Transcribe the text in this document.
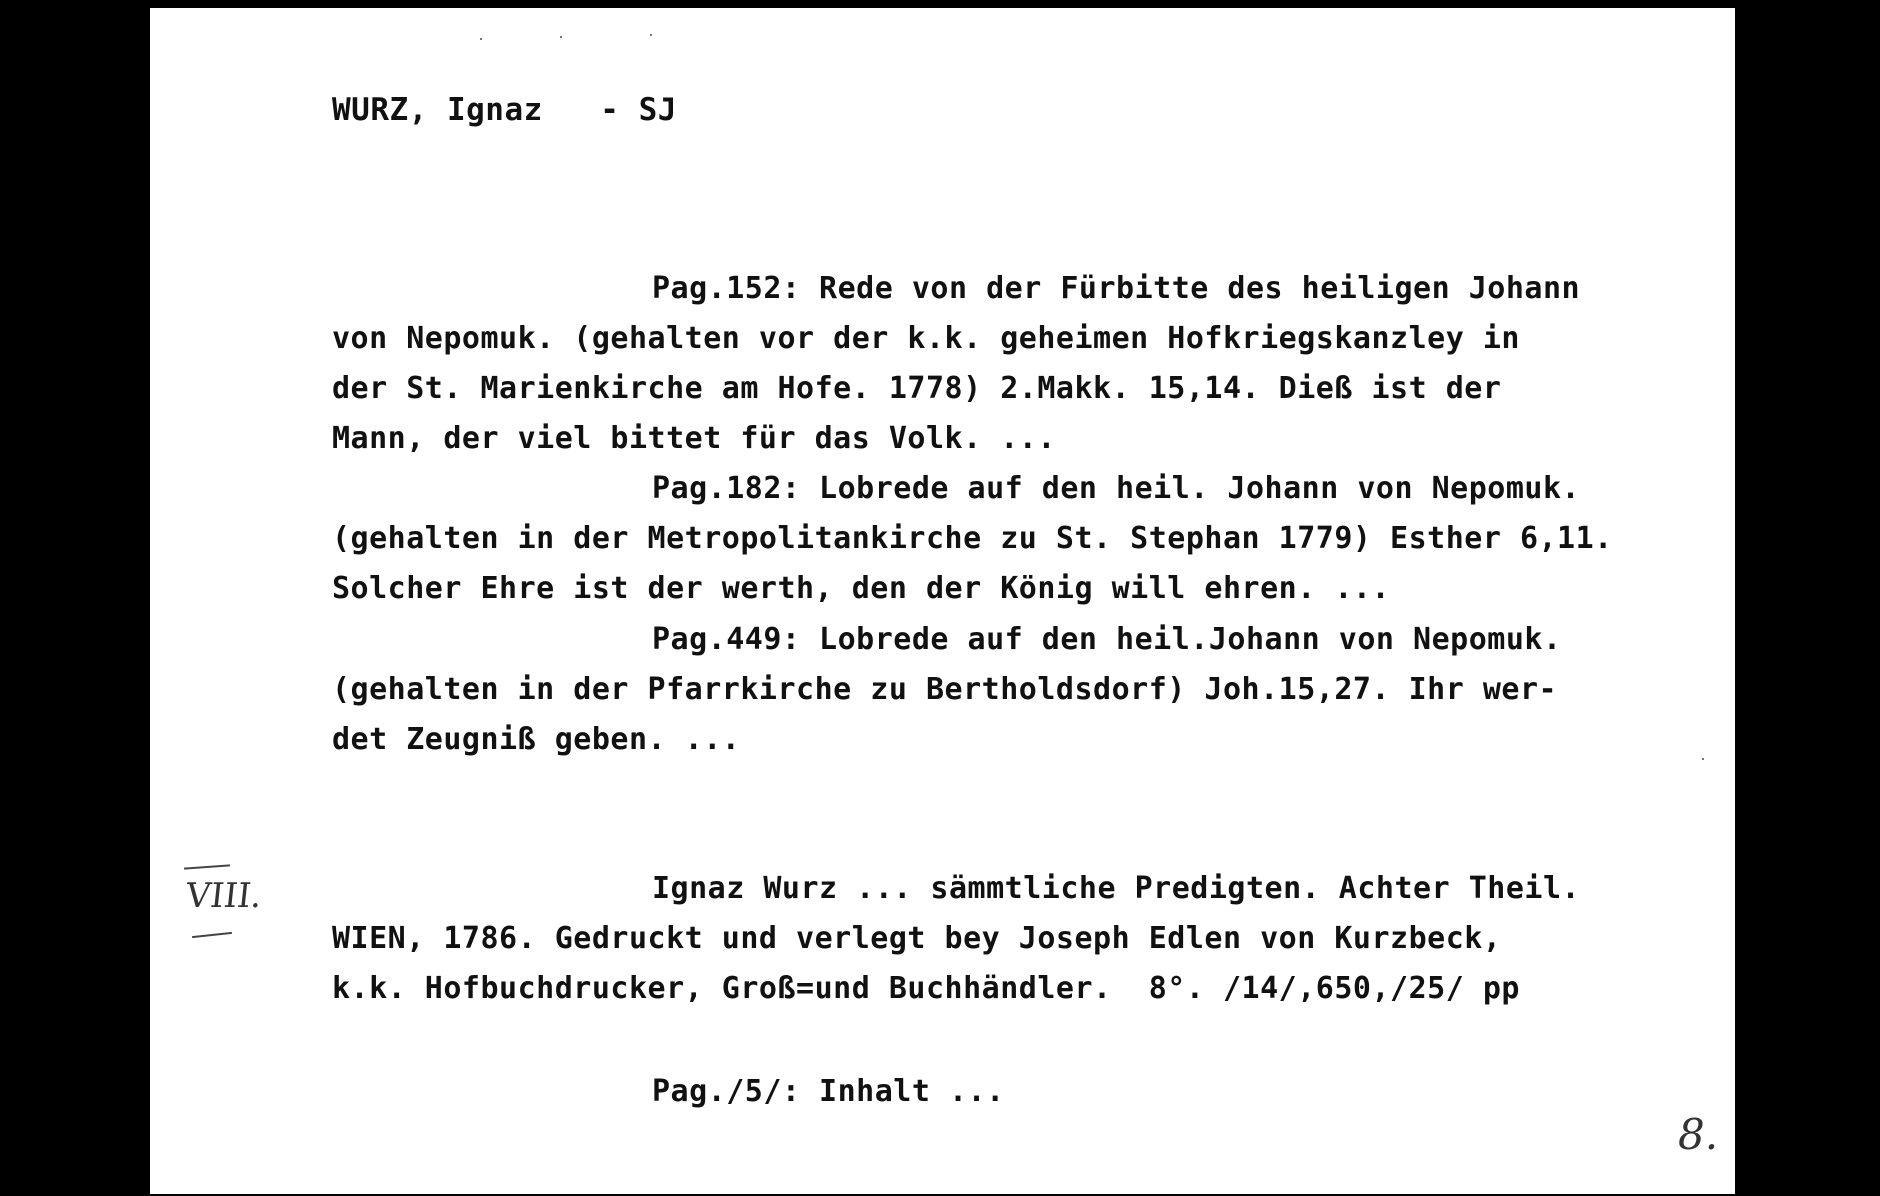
WURZ, Ignaz   - SJ
Pag.152: Rede von der Fürbitte des heiligen Johann
von Nepomuk. (gehalten vor der k.k. geheimen Hofkriegskanzley in
der St. Marienkirche am Hofe. 1778) 2.Makk. 15,14. Dieß ist der
Mann, der viel bittet für das Volk. ...
Pag.182: Lobrede auf den heil. Johann von Nepomuk.
(gehalten in der Metropolitankirche zu St. Stephan 1779) Esther 6,11.
Solcher Ehre ist der werth, den der König will ehren. ...
Pag.449: Lobrede auf den heil.Johann von Nepomuk.
(gehalten in der Pfarrkirche zu Bertholdsdorf) Joh.15,27. Ihr wer-
det Zeugniß geben. ...
VIII.	Ignaz Wurz ... sämmtliche Predigten. Achter Theil.
WIEN, 1786. Gedruckt und verlegt bey Joseph Edlen von Kurzbeck,
k.k. Hofbuchdrucker, Groß=und Buchhändler.  8°. /14/,650,/25/ pp
Pag./5/: Inhalt ...
8.
